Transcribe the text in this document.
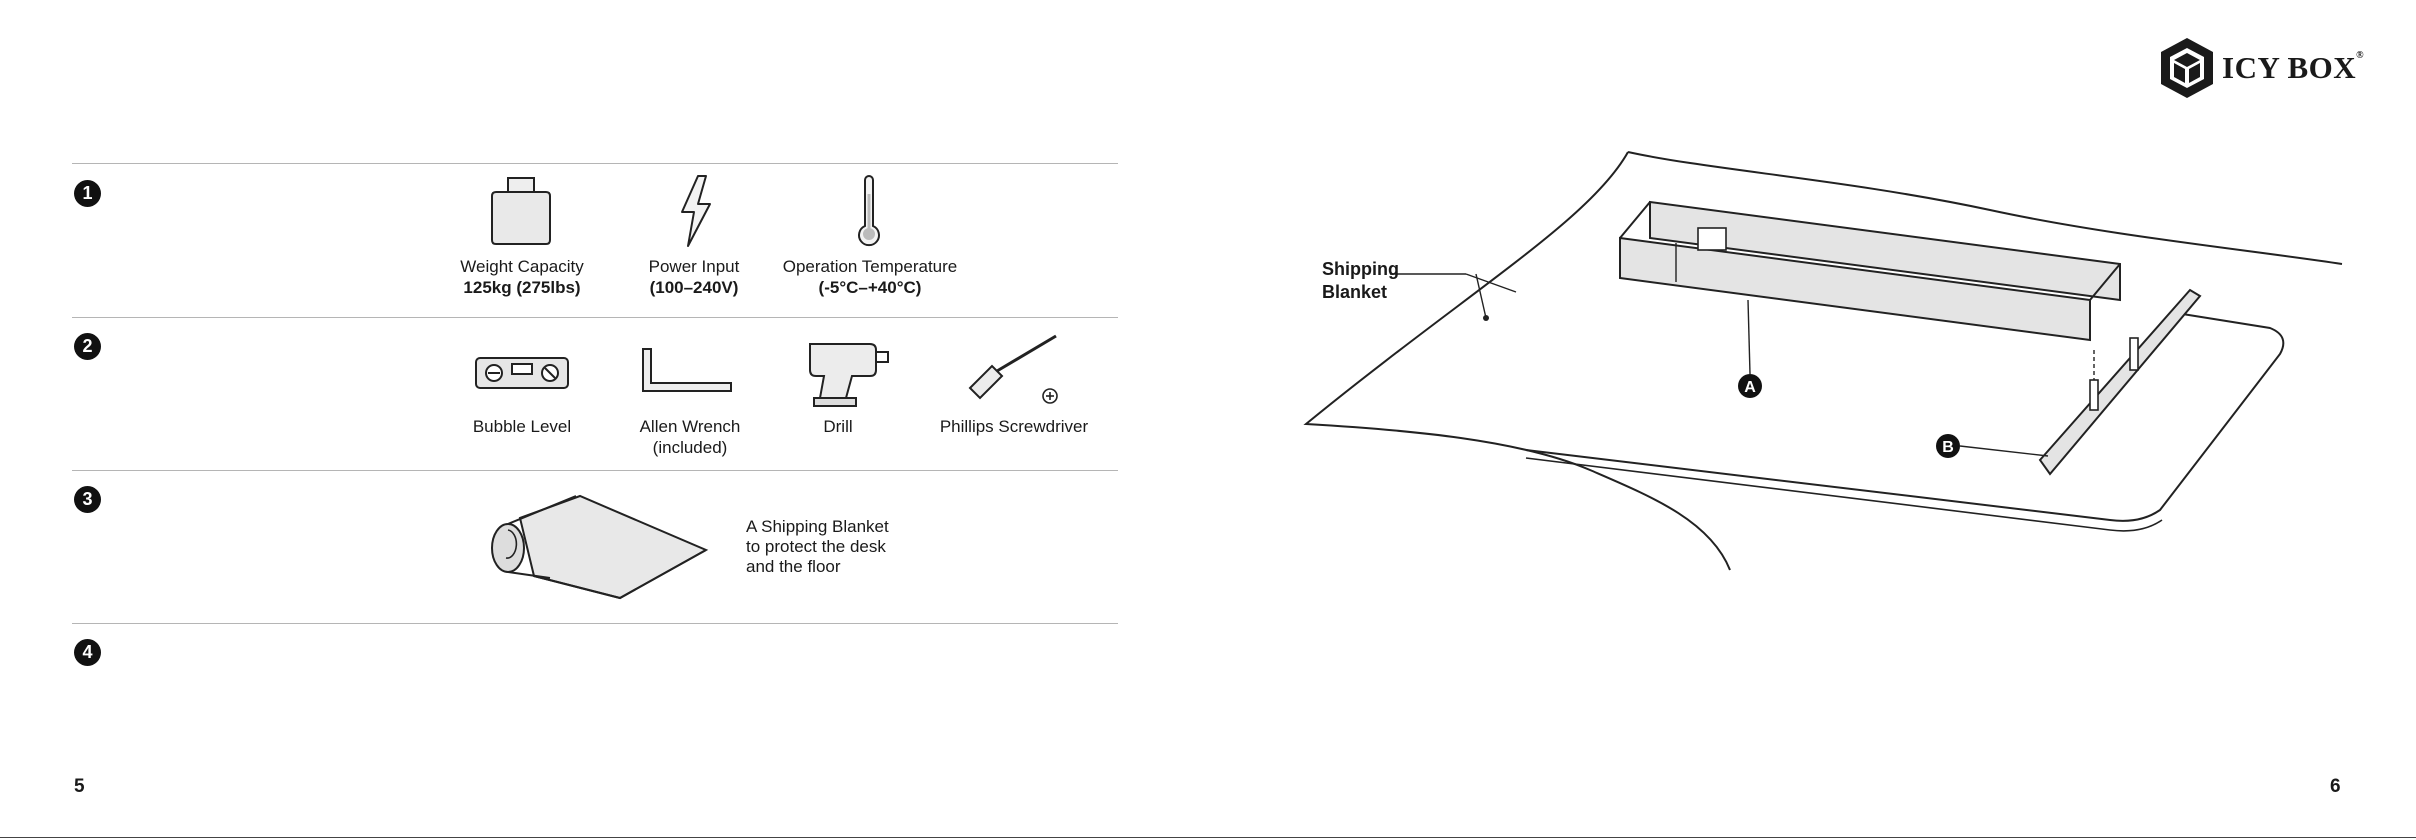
1
2
3
4
Weight Capacity
125kg (275lbs)
Power Input
(100–240V)
Operation Temperature
(-5°C–+40°C)
Bubble Level	Allen Wrench
(included)
Drill	Phillips Screwdriver
A Shipping Blanket
to protect the desk
and the floor
5
ICY BOX®
A
B
Shipping
Blanket
6
